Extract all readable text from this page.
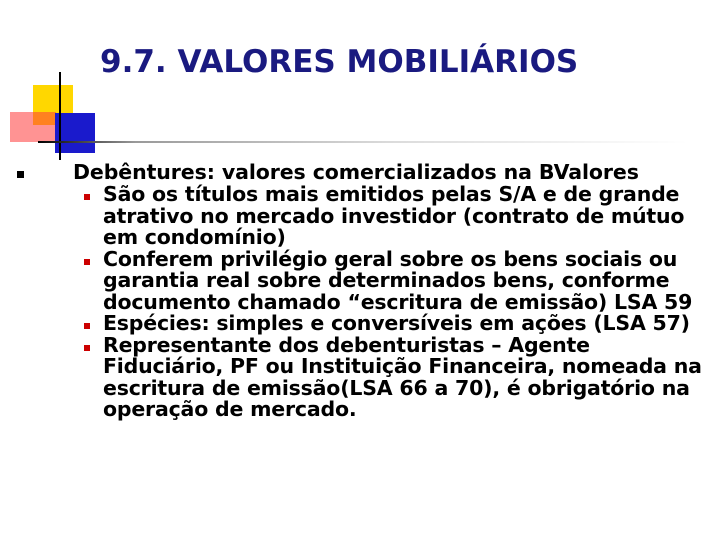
9.7. VALORES MOBILIÁRIOS

Debêntures: valores comercializados na BValores

São os títulos mais emitidos pelas S/A e de grande atrativo no mercado investidor (contrato de mútuo em condomínio)
Conferem privilégio geral sobre os bens sociais ou garantia real sobre determinados bens, conforme documento chamado “escritura de emissão) LSA 59
Espécies: simples e conversíveis em ações (LSA 57)
Representante dos debenturistas – Agente Fiduciário, PF ou Instituição Financeira, nomeada na escritura de emissão(LSA 66 a 70), é obrigatório na operação de mercado.
